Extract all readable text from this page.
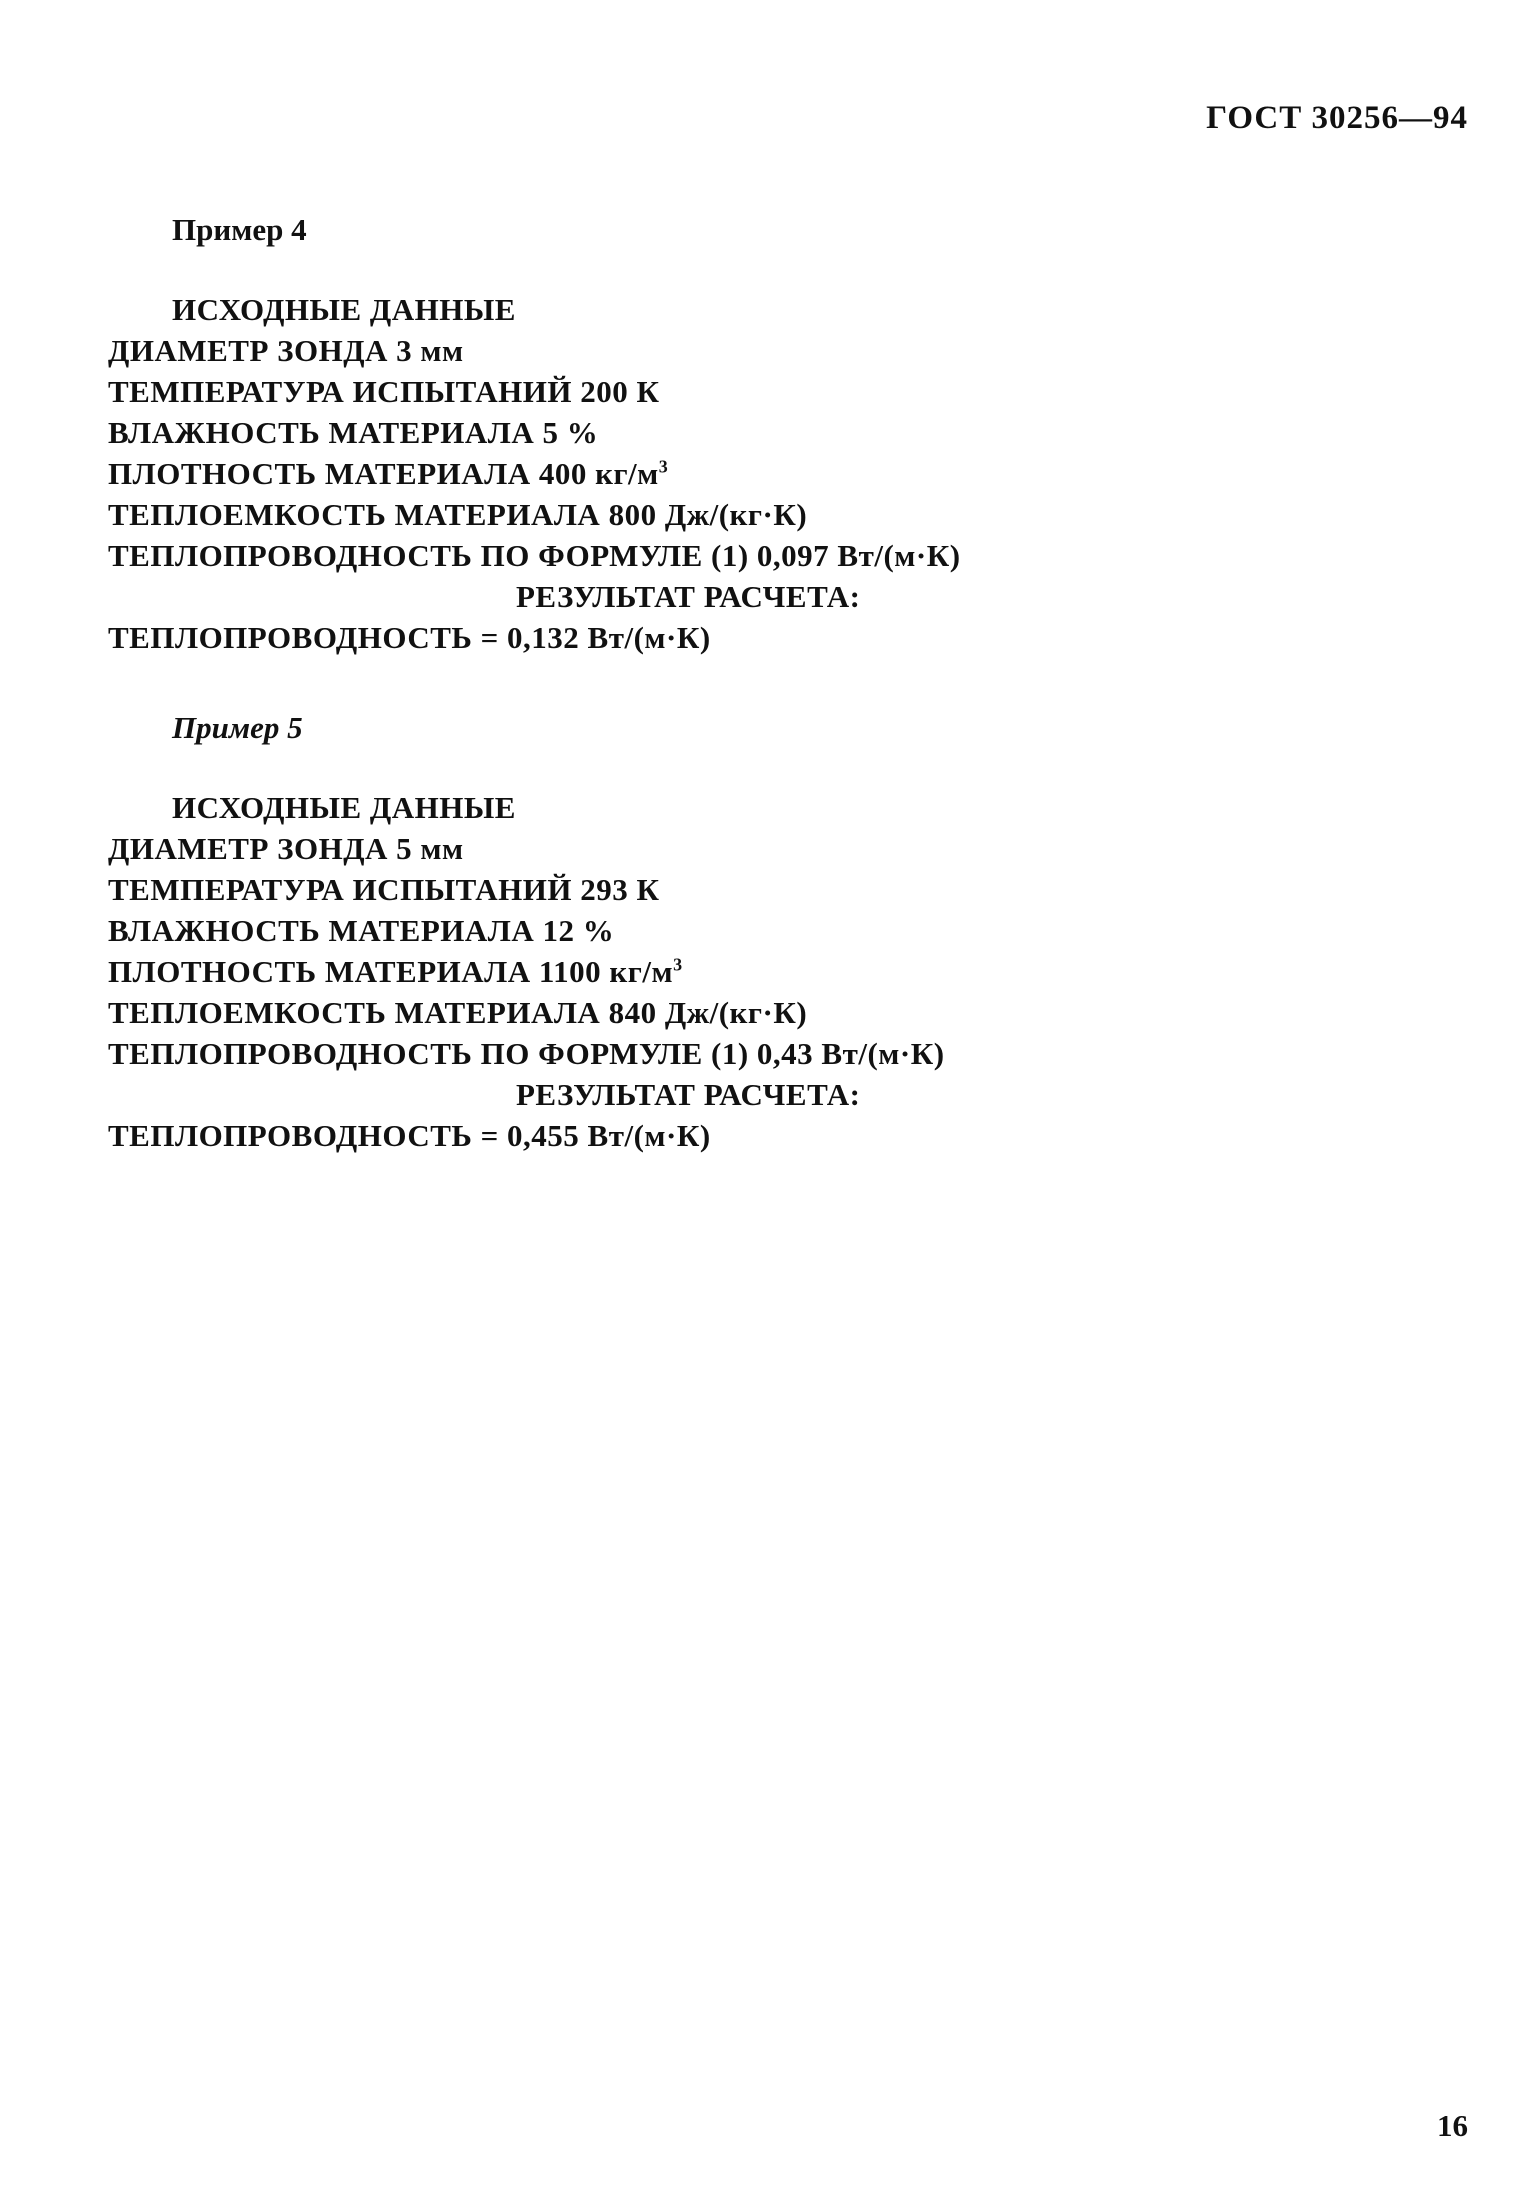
ГОСТ 30256—94
Пример 4
ИСХОДНЫЕ ДАННЫЕ
ДИАМЕТР ЗОНДА 3 мм
ТЕМПЕРАТУРА ИСПЫТАНИЙ 200 К
ВЛАЖНОСТЬ МАТЕРИАЛА 5 %
ПЛОТНОСТЬ МАТЕРИАЛА 400 $кг/м^3$
ТЕПЛОЕМКОСТЬ МАТЕРИАЛА 800 Дж/(кг·К)
ТЕПЛОПРОВОДНОСТЬ ПО ФОРМУЛЕ (1) 0,097 Вт/(м·К)
РЕЗУЛЬТАТ РАСЧЕТА:
ТЕПЛОПРОВОДНОСТЬ = 0,132 Вт/(м·К)
Пример 5
ИСХОДНЫЕ ДАННЫЕ
ДИАМЕТР ЗОНДА 5 мм
ТЕМПЕРАТУРА ИСПЫТАНИЙ 293 К
ВЛАЖНОСТЬ МАТЕРИАЛА 12 %
ПЛОТНОСТЬ МАТЕРИАЛА 1100 $кг/м^3$
ТЕПЛОЕМКОСТЬ МАТЕРИАЛА 840 Дж/(кг·К)
ТЕПЛОПРОВОДНОСТЬ ПО ФОРМУЛЕ (1) 0,43 Вт/(м·К)
РЕЗУЛЬТАТ РАСЧЕТА:
ТЕПЛОПРОВОДНОСТЬ = 0,455 Вт/(м·К)
16
